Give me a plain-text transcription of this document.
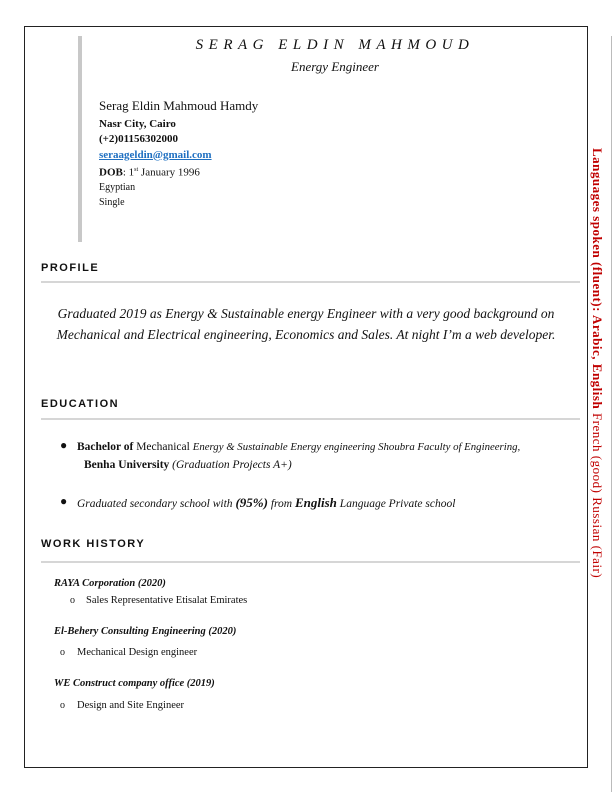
SERAG ELDIN MAHMOUD
Energy Engineer
Serag Eldin Mahmoud Hamdy
Nasr City, Cairo
(+2)01156302000
seraageldin@gmail.com
DOB: 1st January 1996
Egyptian
Single
PROFILE
Graduated 2019 as Energy & Sustainable energy Engineer with a very good background on Mechanical and Electrical engineering, Economics and Sales. At night I’m a web developer.
EDUCATION
● Bachelor of Mechanical Energy & Sustainable Energy engineering Shoubra Faculty of Engineering,
Benha University (Graduation Projects A+)
● Graduated secondary school with (95%) from English Language Private school
WORK HISTORY
RAYA Corporation (2020)
o Sales Representative Etisalat Emirates
El-Behery Consulting Engineering (2020)
o Mechanical Design engineer
WE Construct company office (2019)
o Design and Site Engineer
Languages spoken (fluent): Arabic, English French (good) Russian (Fair)
